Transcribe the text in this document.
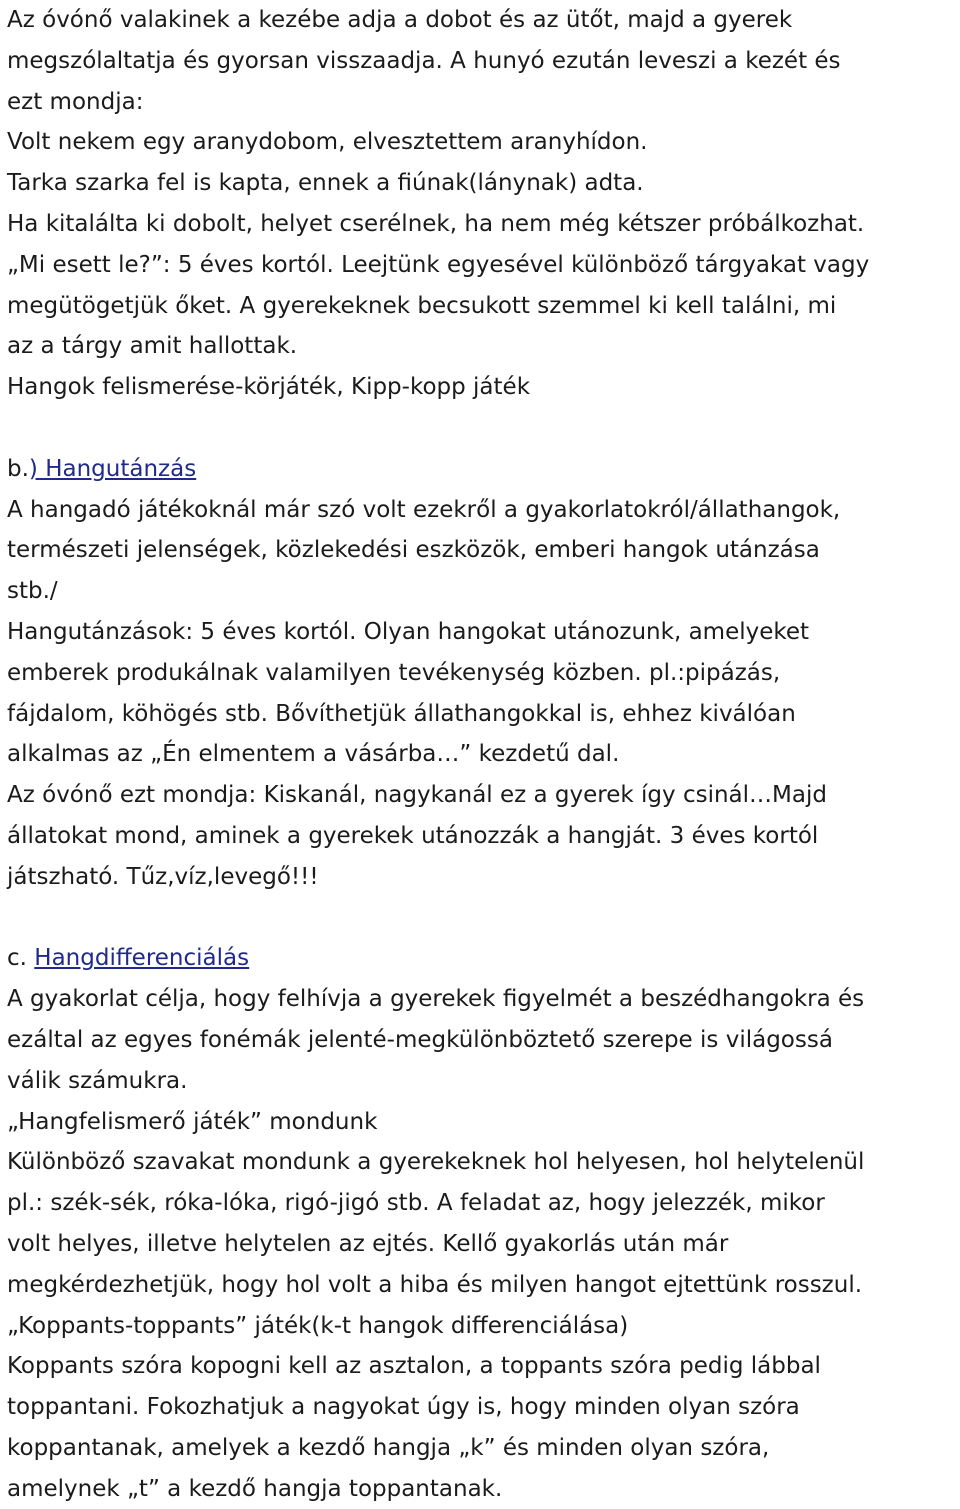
Az óvónő valakinek a kezébe adja a dobot és az ütőt, majd a gyerek
megszólaltatja és gyorsan visszaadja. A hunyó ezután leveszi a kezét és
ezt mondja:
Volt nekem egy aranydobom, elvesztettem aranyhídon.
Tarka szarka fel is kapta, ennek a fiúnak(lánynak) adta.
Ha kitalálta ki dobolt, helyet cserélnek, ha nem még kétszer próbálkozhat.
„Mi esett le?”: 5 éves kortól. Leejtünk egyesével különböző tárgyakat vagy
megütögetjük őket. A gyerekeknek becsukott szemmel ki kell találni, mi
az a tárgy amit hallottak.
Hangok felismerése-körjáték, Kipp-kopp játék
b.) Hangutánzás
A hangadó játékoknál már szó volt ezekről a gyakorlatokról/állathangok,
természeti jelenségek, közlekedési eszközök, emberi hangok utánzása
stb./
Hangutánzások: 5 éves kortól. Olyan hangokat utánozunk, amelyeket
emberek produkálnak valamilyen tevékenység közben. pl.:pipázás,
fájdalom, köhögés stb. Bővíthetjük állathangokkal is, ehhez kiválóan
alkalmas az „Én elmentem a vásárba…” kezdetű dal.
Az óvónő ezt mondja: Kiskanál, nagykanál ez a gyerek így csinál…Majd
állatokat mond, aminek a gyerekek utánozzák a hangját. 3 éves kortól
játszható. Tűz,víz,levegő!!!
c. Hangdifferenciálás
A gyakorlat célja, hogy felhívja a gyerekek figyelmét a beszédhangokra és
ezáltal az egyes fonémák jelenté-megkülönböztető szerepe is világossá
válik számukra.
„Hangfelismerő játék” mondunk
Különböző szavakat mondunk a gyerekeknek hol helyesen, hol helytelenül
pl.: szék-sék, róka-lóka, rigó-jigó stb. A feladat az, hogy jelezzék, mikor
volt helyes, illetve helytelen az ejtés. Kellő gyakorlás után már
megkérdezhetjük, hogy hol volt a hiba és milyen hangot ejtettünk rosszul.
„Koppants-toppants” játék(k-t hangok differenciálása)
Koppants szóra kopogni kell az asztalon, a toppants szóra pedig lábbal
toppantani. Fokozhatjuk a nagyokat úgy is, hogy minden olyan szóra
koppantanak, amelyek a kezdő hangja „k” és minden olyan szóra,
amelynek „t” a kezdő hangja toppantanak.
